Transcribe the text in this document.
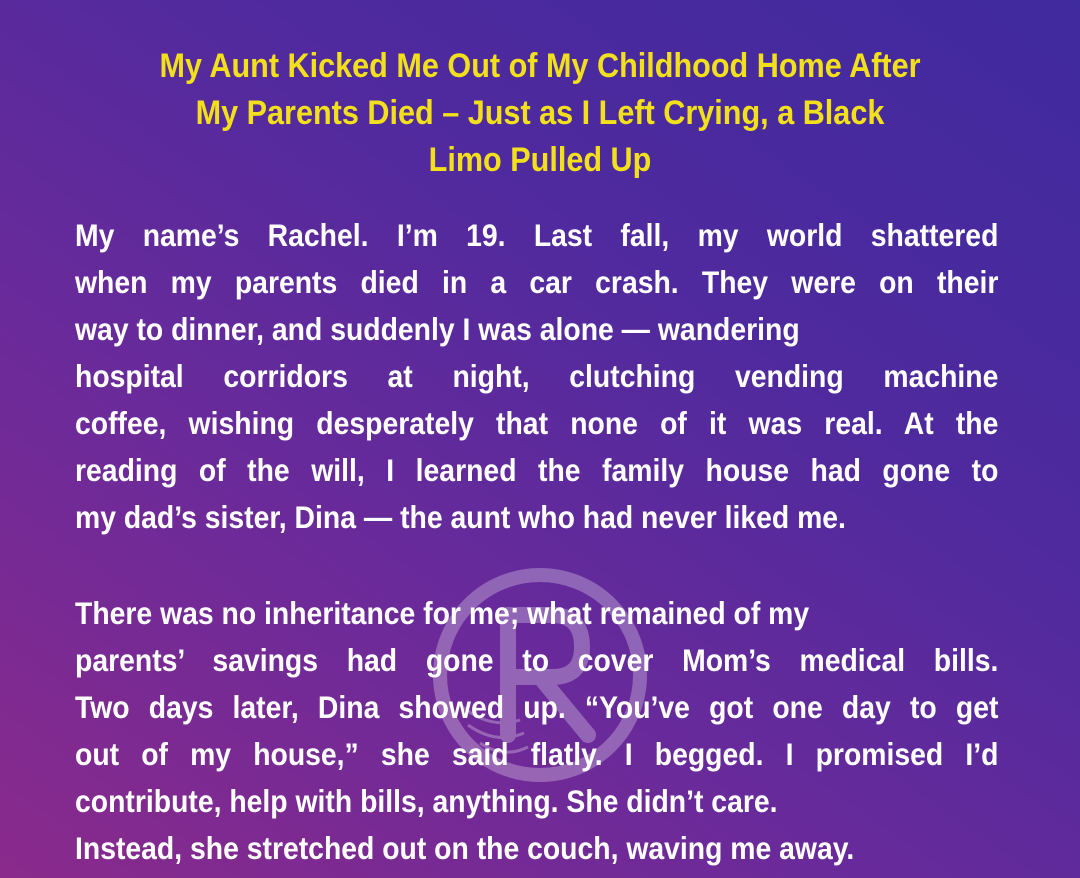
My Aunt Kicked Me Out of My Childhood Home After
My Parents Died – Just as I Left Crying, a Black
Limo Pulled Up
My name’s Rachel. I’m 19. Last fall, my world shattered
when my parents died in a car crash. They were on their
way to dinner, and suddenly I was alone — wandering
hospital corridors at night, clutching vending machine
coffee, wishing desperately that none of it was real. At the
reading of the will, I learned the family house had gone to
my dad’s sister, Dina — the aunt who had never liked me.
There was no inheritance for me; what remained of my
parents’ savings had gone to cover Mom’s medical bills.
Two days later, Dina showed up. “You’ve got one day to get
out of my house,” she said flatly. I begged. I promised I’d
contribute, help with bills, anything. She didn’t care.
Instead, she stretched out on the couch, waving me away.
